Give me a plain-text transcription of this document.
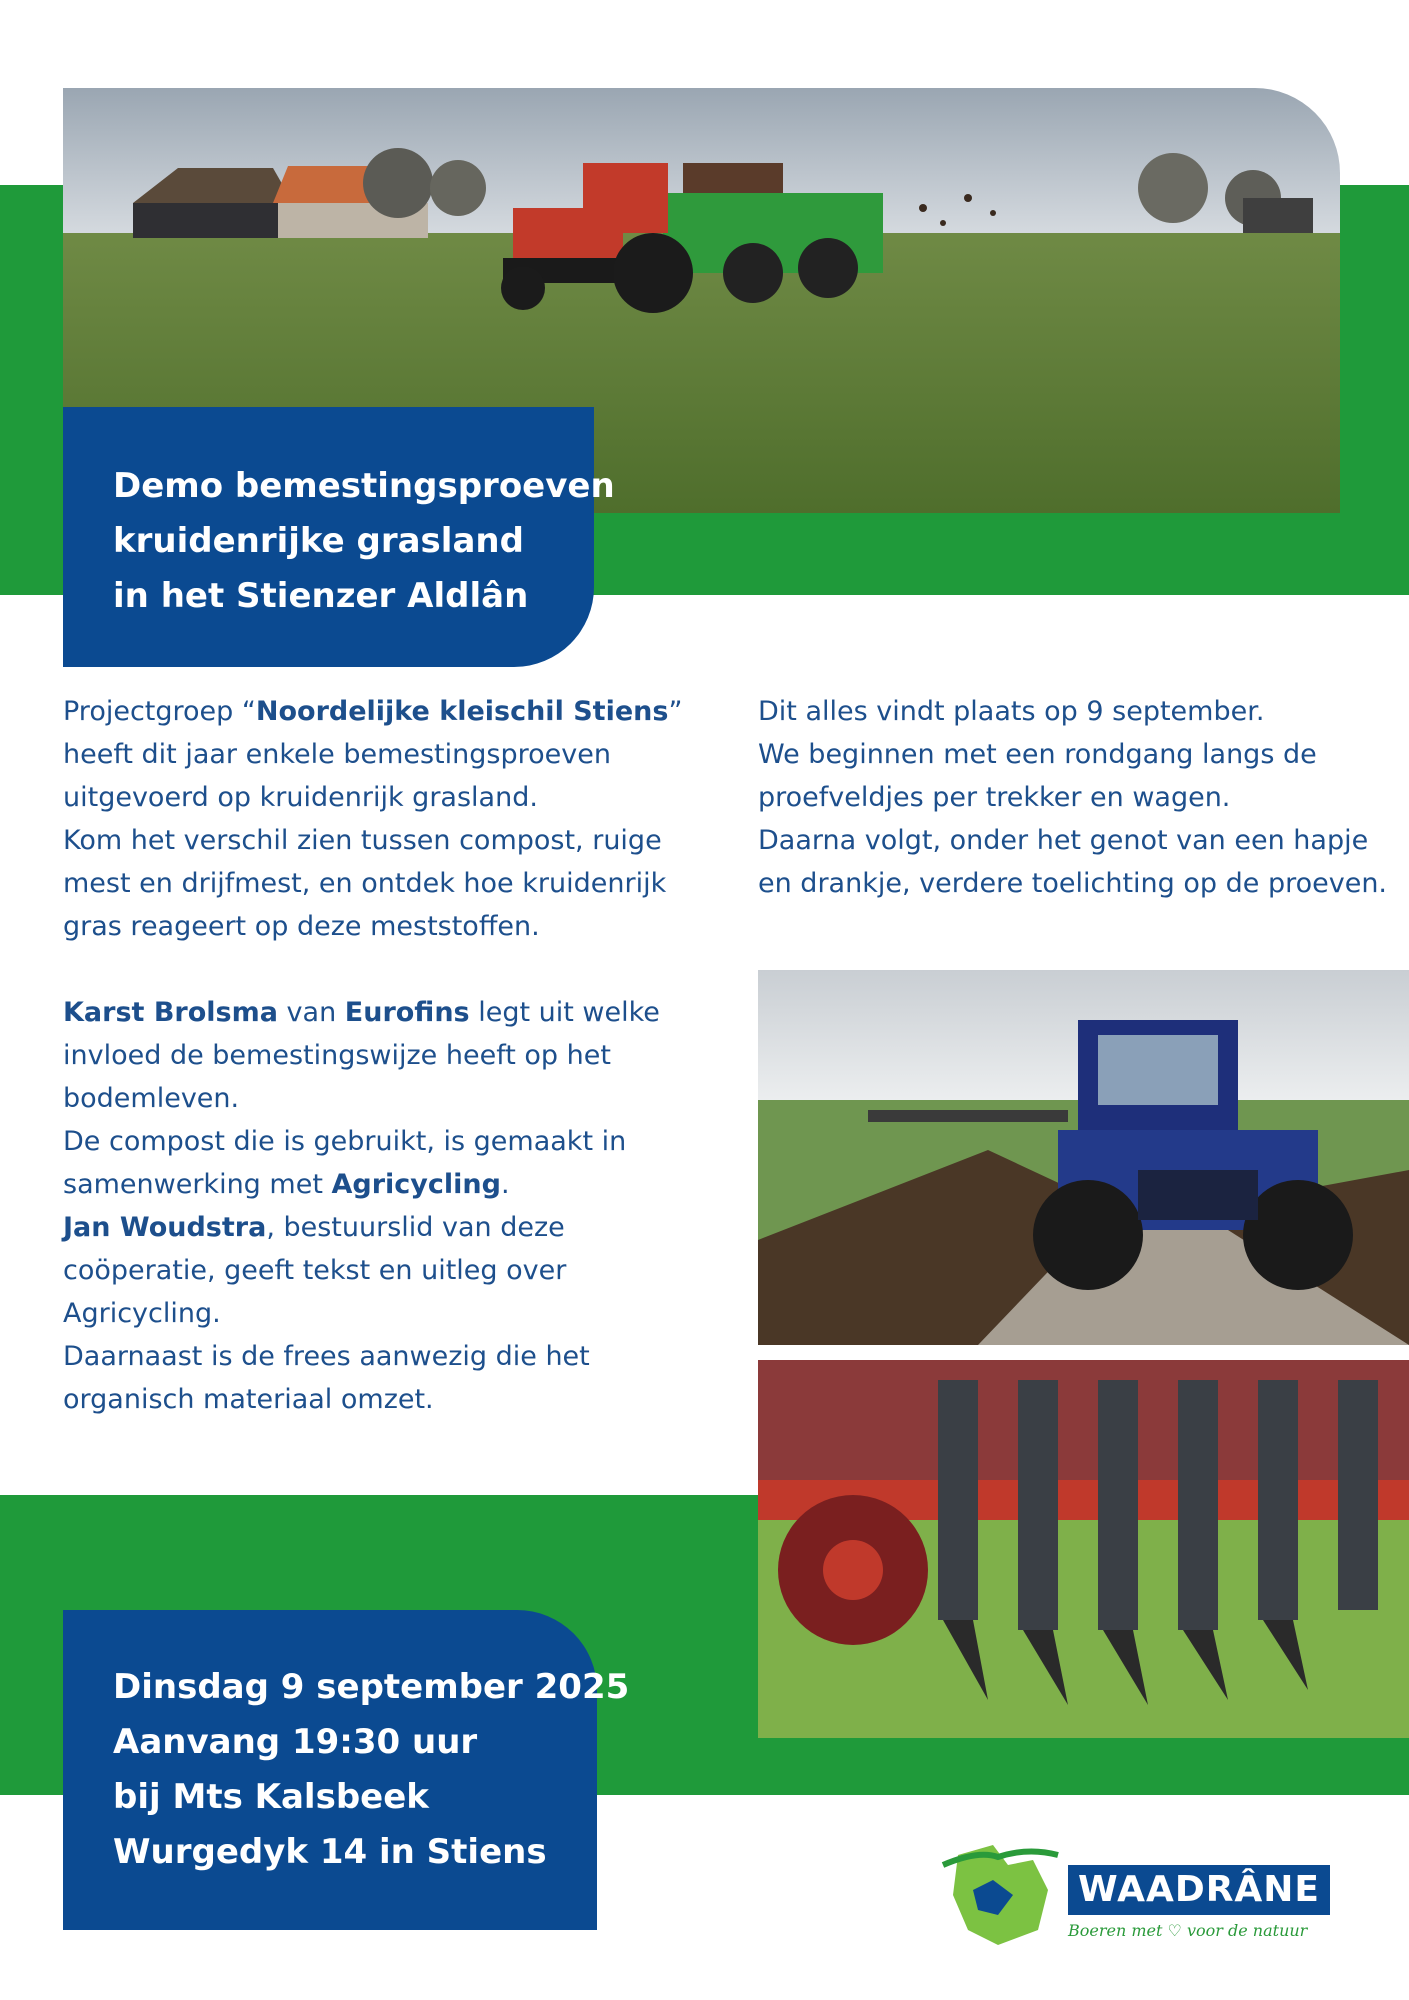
Demo bemestingsproeven
kruidenrijke grasland
in het Stienzer Aldlân

Projectgroep “Noordelijke kleischil Stiens” heeft dit jaar enkele bemestingsproeven uitgevoerd op kruidenrijk grasland.

Kom het verschil zien tussen compost, ruige mest en drijfmest, en ontdek hoe kruidenrijk gras reageert op deze meststoffen.

Karst Brolsma van Eurofins legt uit welke invloed de bemestingswijze heeft op het bodemleven.

De compost die is gebruikt, is gemaakt in samenwerking met Agricycling.

Jan Woudstra, bestuurslid van deze coöperatie, geeft tekst en uitleg over Agricycling.

Daarnaast is de frees aanwezig die het organisch materiaal omzet.

Dit alles vindt plaats op 9 september.

We beginnen met een rondgang langs de proefveldjes per trekker en wagen.

Daarna volgt, onder het genot van een hapje en drankje, verdere toelichting op de proeven.

Dinsdag 9 september 2025
Aanvang 19:30 uur
bij Mts Kalsbeek
Wurgedyk 14 in Stiens
WAADRÂNE
Boeren met ♡ voor de natuur
